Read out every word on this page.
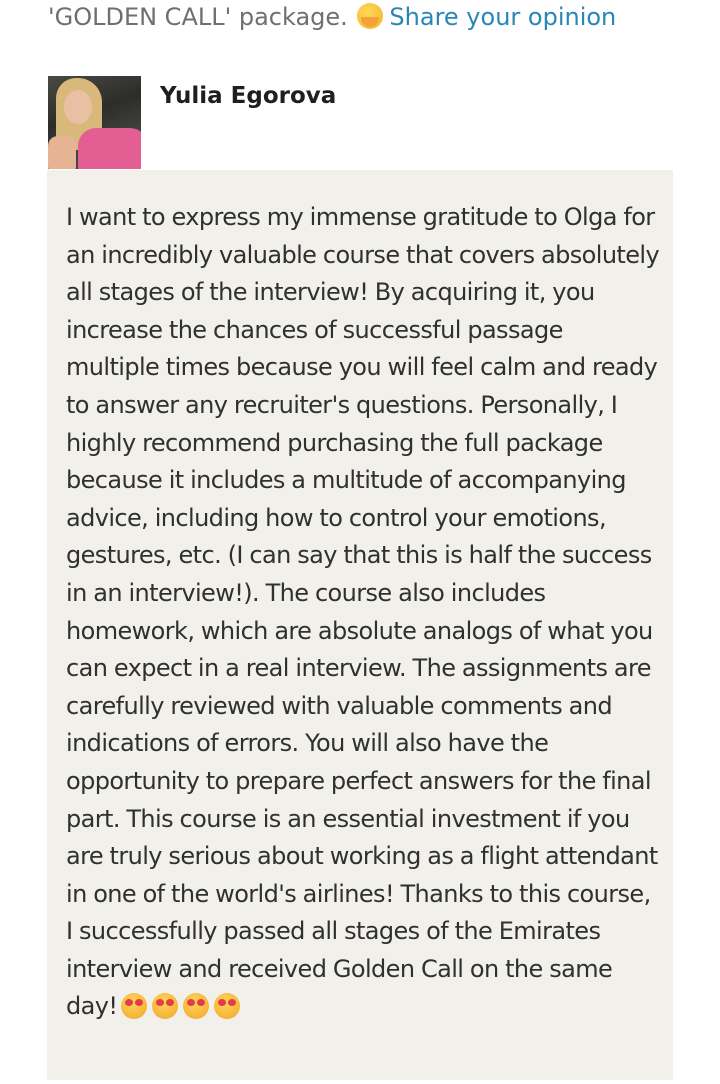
'GOLDEN CALL' package. Share your opinion
Yulia Egorova

I want to express my immense gratitude to Olga for an incredibly valuable course that covers absolutely all stages of the interview! By acquiring it, you increase the chances of successful passage multiple times because you will feel calm and ready to answer any recruiter's questions. Personally, I highly recommend purchasing the full package because it includes a multitude of accompanying advice, including how to control your emotions, gestures, etc. (I can say that this is half the success in an interview!). The course also includes homework, which are absolute analogs of what you can expect in a real interview. The assignments are carefully reviewed with valuable comments and indications of errors. You will also have the opportunity to prepare perfect answers for the final part. This course is an essential investment if you are truly serious about working as a flight attendant in one of the world's airlines! Thanks to this course, I successfully passed all stages of the Emirates interview and received Golden Call on the same day!
